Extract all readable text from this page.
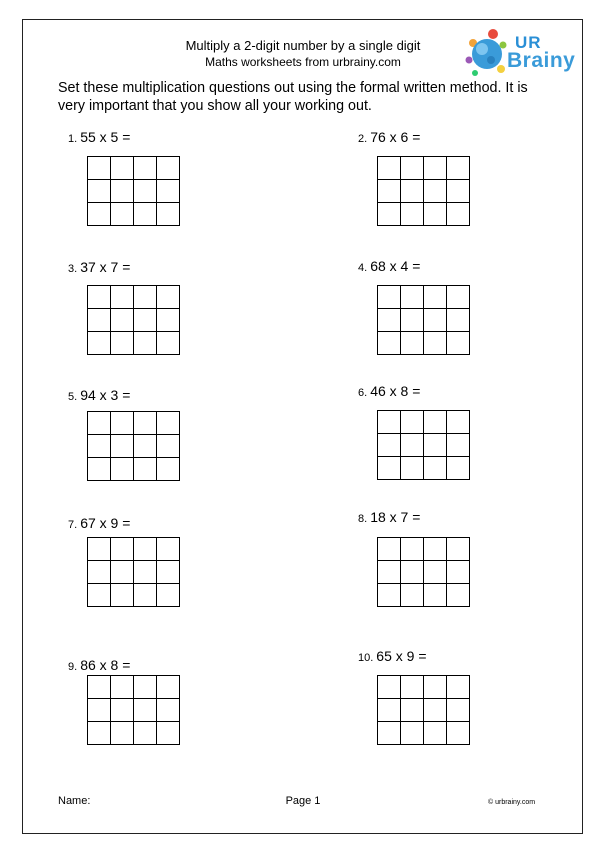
Multiply a 2-digit number by a single digit
Maths worksheets from urbrainy.com
UR
Brainy
Set these multiplication questions out using the formal written method. It is very important that you show all your working out.
1. 55 x 5 =	2. 76 x 6 =
3. 37 x 7 =	4. 68 x 4 =
5. 94 x 3 =	6. 46 x 8 =
7. 67 x 9 =	8. 18 x 7 =
9. 86 x 8 =	10. 65 x 9 =
Name:	Page 1	© urbrainy.com
